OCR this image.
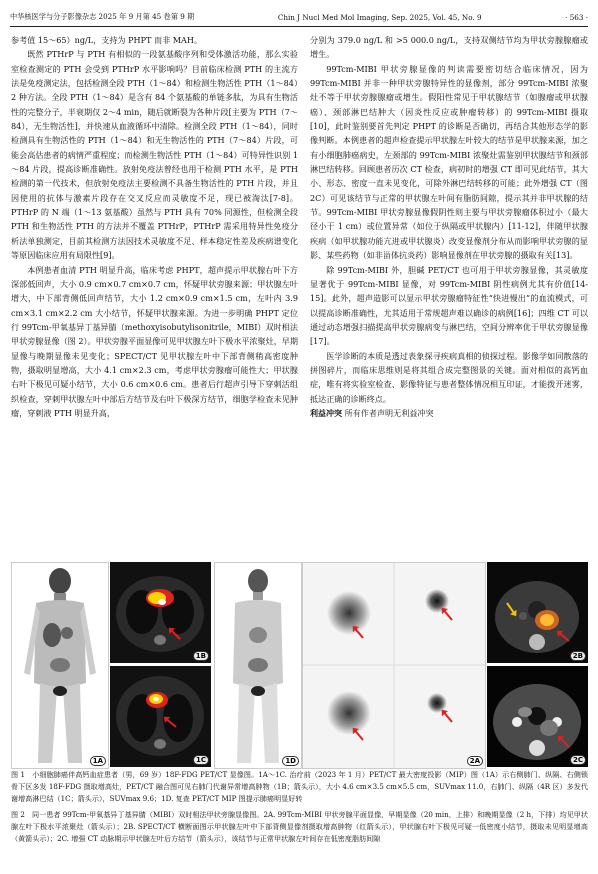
中华核医学与分子影像杂志 2025 年 9 月第 45 卷第 9 期	Chin J Nucl Med Mol Imaging, Sep. 2025, Vol. 45, No. 9	· 563 ·

参考值 15～65）ng/L，支持为 PHPT 而非 MAH。

既然 PTHrP 与 PTH 有相似的一段氨基酸序列和受体激活功能，那么实验室检查测定的 PTH 会受到 PTHrP 水平影响吗？目前临床检测 PTH 的主流方法是免疫测定法，包括检测全段 PTH（1～84）和检测生物活性 PTH（1～84）2 种方法。全段 PTH（1～84）是含有 84 个氨基酸的单链多肽，为具有生物活性的完整分子，半衰期仅 2～4 min，随后就断裂为各种片段[主要为 PTH（7～84），无生物活性]，并快速从血液循环中清除。检测全段 PTH（1～84），同时检测具有生物活性的 PTH（1～84）和无生物活性的 PTH（7～84）片段，可能会高估患者的病情严重程度；而检测生物活性 PTH（1～84）可特异性识别 1～84 片段，提高诊断准确性。放射免疫法曾经也用于检测 PTH 水平，是 PTH 检测的第一代技术，但放射免疫法主要检测不具备生物活性的 PTH 片段，并且因使用的抗体与激素片段存在交叉反应而灵敏度不足，现已被淘汰[7-8]。PTHrP 的 N 端（1～13 氨基酸）虽然与 PTH 具有 70% 同源性，但检测全段 PTH 和生物活性 PTH 的方法并不覆盖 PTHrP，PTHrP 需采用特异性免疫分析法单独测定，目前其检测方法因技术灵敏度不足、样本稳定性差及疾病谱变化等原因临床应用有局限性[9]。

本例患者血清 PTH 明显升高，临床考虑 PHPT，超声提示甲状腺右叶下方深部低回声，大小 0.9 cm×0.7 cm×0.7 cm，怀疑甲状旁腺来源；甲状腺左叶增大，中下部背侧低回声结节，大小 1.2 cm×0.9 cm×1.5 cm，左叶内 3.9 cm×3.1 cm×2.2 cm 大小结节，怀疑甲状腺来源。为进一步明确 PHPT 定位行 99Tcm-甲氧基异丁基异腈（methoxyisobutylisonitrile，MIBI）双时相法甲状旁腺显像（图 2）。甲状旁腺平面显像可见甲状腺左叶下极水平浓聚灶，早期显像与晚期显像未见变化；SPECT/CT 见甲状腺左叶中下部背侧稍高密度肿物，摄取明显增高，大小 4.1 cm×2.3 cm，考虑甲状旁腺瘤可能性大；甲状腺右叶下极见可疑小结节，大小 0.6 cm×0.6 cm。患者后行超声引导下穿刺活组织检查，穿刺甲状腺左叶中部后方结节及右叶下极深方结节，细胞学检查未见肿瘤，穿刺液 PTH 明显升高，

分别为 379.0 ng/L 和 >5 000.0 ng/L，支持双侧结节均为甲状旁腺腺瘤或增生。

99Tcm-MIBI 甲状旁腺显像的判读需要密切结合临床情况，因为 99Tcm-MIBI 并非一种甲状旁腺特异性的显像剂，部分 99Tcm-MIBI 浓聚灶不等于甲状旁腺腺瘤或增生。假阳性常见于甲状腺结节（如腺瘤或甲状腺癌）、颈部淋巴结肿大（因炎性反应或肿瘤转移）的 99Tcm-MIBI 摄取[10]，此时鉴别要首先判定 PHPT 的诊断是否确切，再结合其他形态学的影像判断。本例患者的超声检查提示甲状腺左叶较大的结节是甲状腺来源，加之有小细胞肺癌病史，左颈部的 99Tcm-MIBI 浓聚灶需鉴别甲状腺结节和颈部淋巴结转移。回顾患者历次 CT 检查，病初时的增强 CT 即可见此结节，其大小、形态、密度一直未见变化，可除外淋巴结转移的可能；此外增强 CT（图 2C）可见该结节与正常的甲状腺左叶间有脂肪间隙，提示其并非甲状腺的结节。99Tcm-MIBI 甲状旁腺显像假阴性则主要与甲状旁腺瘤体积过小（最大径小于 1 cm）或位置异常（如位于纵隔或甲状腺内）[11-12]，伴随甲状腺疾病（如甲状腺功能亢进或甲状腺炎）改变显像剂分布从而影响甲状旁腺的显影、某些药物（如非甾体抗炎药）影响显像剂在甲状旁腺的摄取有关[13]。

除 99Tcm-MIBI 外，胆碱 PET/CT 也可用于甲状旁腺显像，其灵敏度显著优于 99Tcm-MIBI 显像，对 99Tcm-MIBI 阴性病例尤其有价值[14-15]。此外，超声造影可以显示甲状旁腺瘤特征性“快进慢出”的血流模式，可以提高诊断准确性，尤其适用于常规超声难以确诊的病例[16]；四维 CT 可以通过动态增强扫描提高甲状旁腺病变与淋巴结，空间分辨率优于甲状旁腺显像[17]。

医学诊断的本质是透过表象探寻疾病真相的侦探过程。影像学如同散落的拼图碎片，而临床思维则是将其组合成完整图景的关键。面对相似的高钙血症，唯有将实验室检查、影像特征与患者整体情况相互印证，才能拨开迷雾，抵达正确的诊断终点。

利益冲突 所有作者声明无利益冲突

1A
1B
1C	1D	2A
2B
2C
图 1　小细胞肺癌伴高钙血症患者（男，69 岁）18F-FDG PET/CT 显像图。1A～1C. 治疗前（2023 年 1 月）PET/CT 最大密度投影（MIP）图（1A）示右侧肺门、纵隔、右侧锁骨下区多发 18F-FDG 摄取增高灶，PET/CT 融合图可见右肺门代谢异常增高肿物（1B；箭头示），大小 4.6 cm×3.5 cm×5.5 cm，SUVmax 11.0，右肺门、纵隔（4R 区）多发代谢增高淋巴结（1C；箭头示），SUVmax 9.6；1D. 复查 PET/CT MIP 图提示肺癌明显好转
图 2　同一患者 99Tcm-甲氧基异丁基异腈（MIBI）双时相法甲状旁腺显像图。2A. 99Tcm-MIBI 甲状旁腺平面显像，早期显像（20 min，上排）和晚期显像（2 h，下排）均见甲状腺左叶下极水平浓聚灶（箭头示）；2B. SPECT/CT 横断面图示甲状腺左叶中下部背侧显像剂摄取增高肿物（红箭头示），甲状腺右叶下极见可疑一低密度小结节，摄取未见明显增高（黄箭头示）；2C. 增强 CT 动脉期示甲状腺左叶后方结节（箭头示），该结节与正常甲状腺左叶间存在低密度脂肪间隙
